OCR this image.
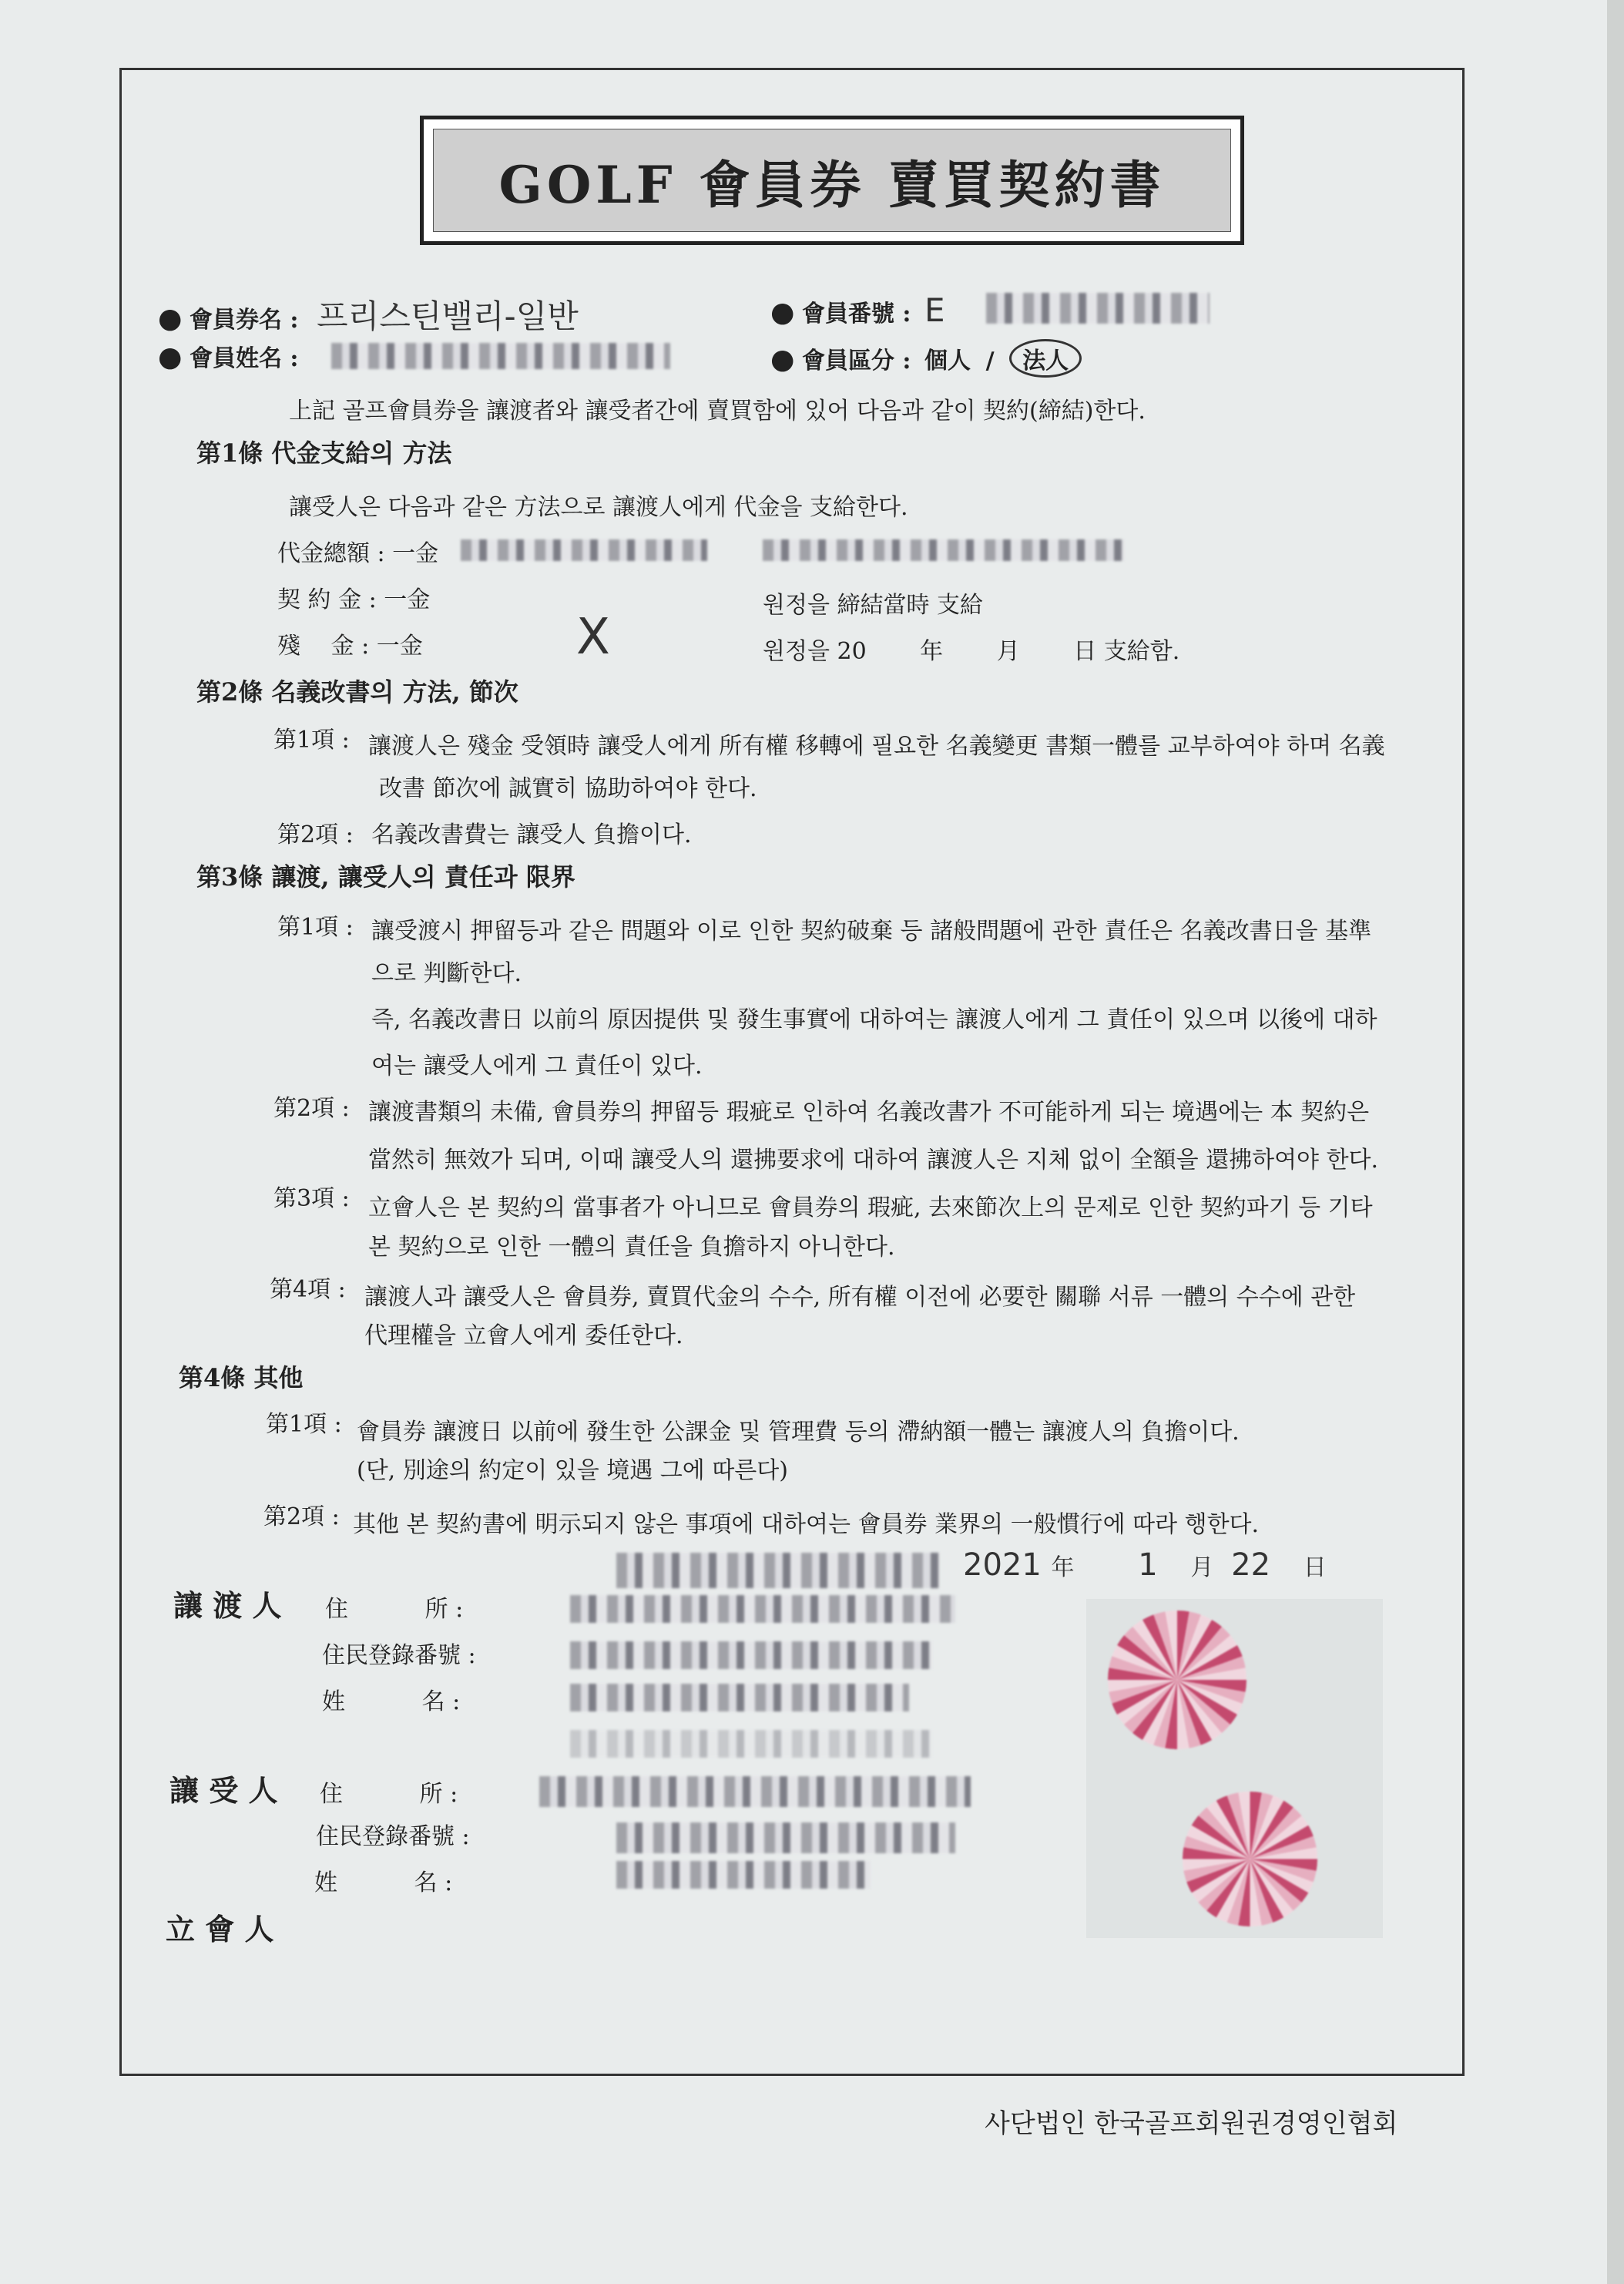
GOLF 會員券 賣買契約書
● 會員券名 : 프리스틴밸리-일반
● 會員姓名 :
● 會員番號 : E
● 會員區分 : 個人 / 法人
上記 골프會員券을 讓渡者와 讓受者간에 賣買함에 있어 다음과 같이 契約(締結)한다.
第1條 代金支給의 方法
讓受人은 다음과 같은 方法으로 讓渡人에게 代金을 支給한다.
代金總額 : 一金
契 約 金 : 一金	원정을 締結當時 支給
殘　 金 : 一金	X	원정을 20　　 年　　 月　　 日 支給함.
第2條 名義改書의 方法, 節次
第1項 : 讓渡人은 殘金 受領時 讓受人에게 所有權 移轉에 필요한 名義變更 書類一體를 교부하여야 하며 名義
改書 節次에 誠實히 協助하여야 한다.
第2項 : 名義改書費는 讓受人 負擔이다.
第3條 讓渡, 讓受人의 責任과 限界
第1項 : 讓受渡시 押留등과 같은 問題와 이로 인한 契約破棄 등 諸般問題에 관한 責任은 名義改書日을 基準
으로 判斷한다.
즉, 名義改書日 以前의 原因提供 및 發生事實에 대하여는 讓渡人에게 그 責任이 있으며 以後에 대하
여는 讓受人에게 그 責任이 있다.
第2項 : 讓渡書類의 未備, 會員券의 押留등 瑕疵로 인하여 名義改書가 不可能하게 되는 境遇에는 本 契約은
當然히 無效가 되며, 이때 讓受人의 還拂要求에 대하여 讓渡人은 지체 없이 全額을 還拂하여야 한다.
第3項 : 立會人은 본 契約의 當事者가 아니므로 會員券의 瑕疵, 去來節次上의 문제로 인한 契約파기 등 기타
본 契約으로 인한 一體의 責任을 負擔하지 아니한다.
第4項 : 讓渡人과 讓受人은 會員券, 賣買代金의 수수, 所有權 이전에 必要한 關聯 서류 一體의 수수에 관한
代理權을 立會人에게 委任한다.
第4條 其他
第1項 : 會員券 讓渡日 以前에 發生한 公課金 및 管理費 등의 滯納額一體는 讓渡人의 負擔이다.
(단, 別途의 約定이 있을 境遇 그에 따른다)
第2項 : 其他 본 契約書에 明示되지 않은 事項에 대하여는 會員券 業界의 一般慣行에 따라 행한다.
2021 年 1 月 22 日
讓 渡 人 住　　　 所 :
住民登錄番號 :
姓　　　 名 :
讓 受 人 住　　　 所 :
住民登錄番號 :
姓　　　 名 :
立 會 人
사단법인 한국골프회원권경영인협회
